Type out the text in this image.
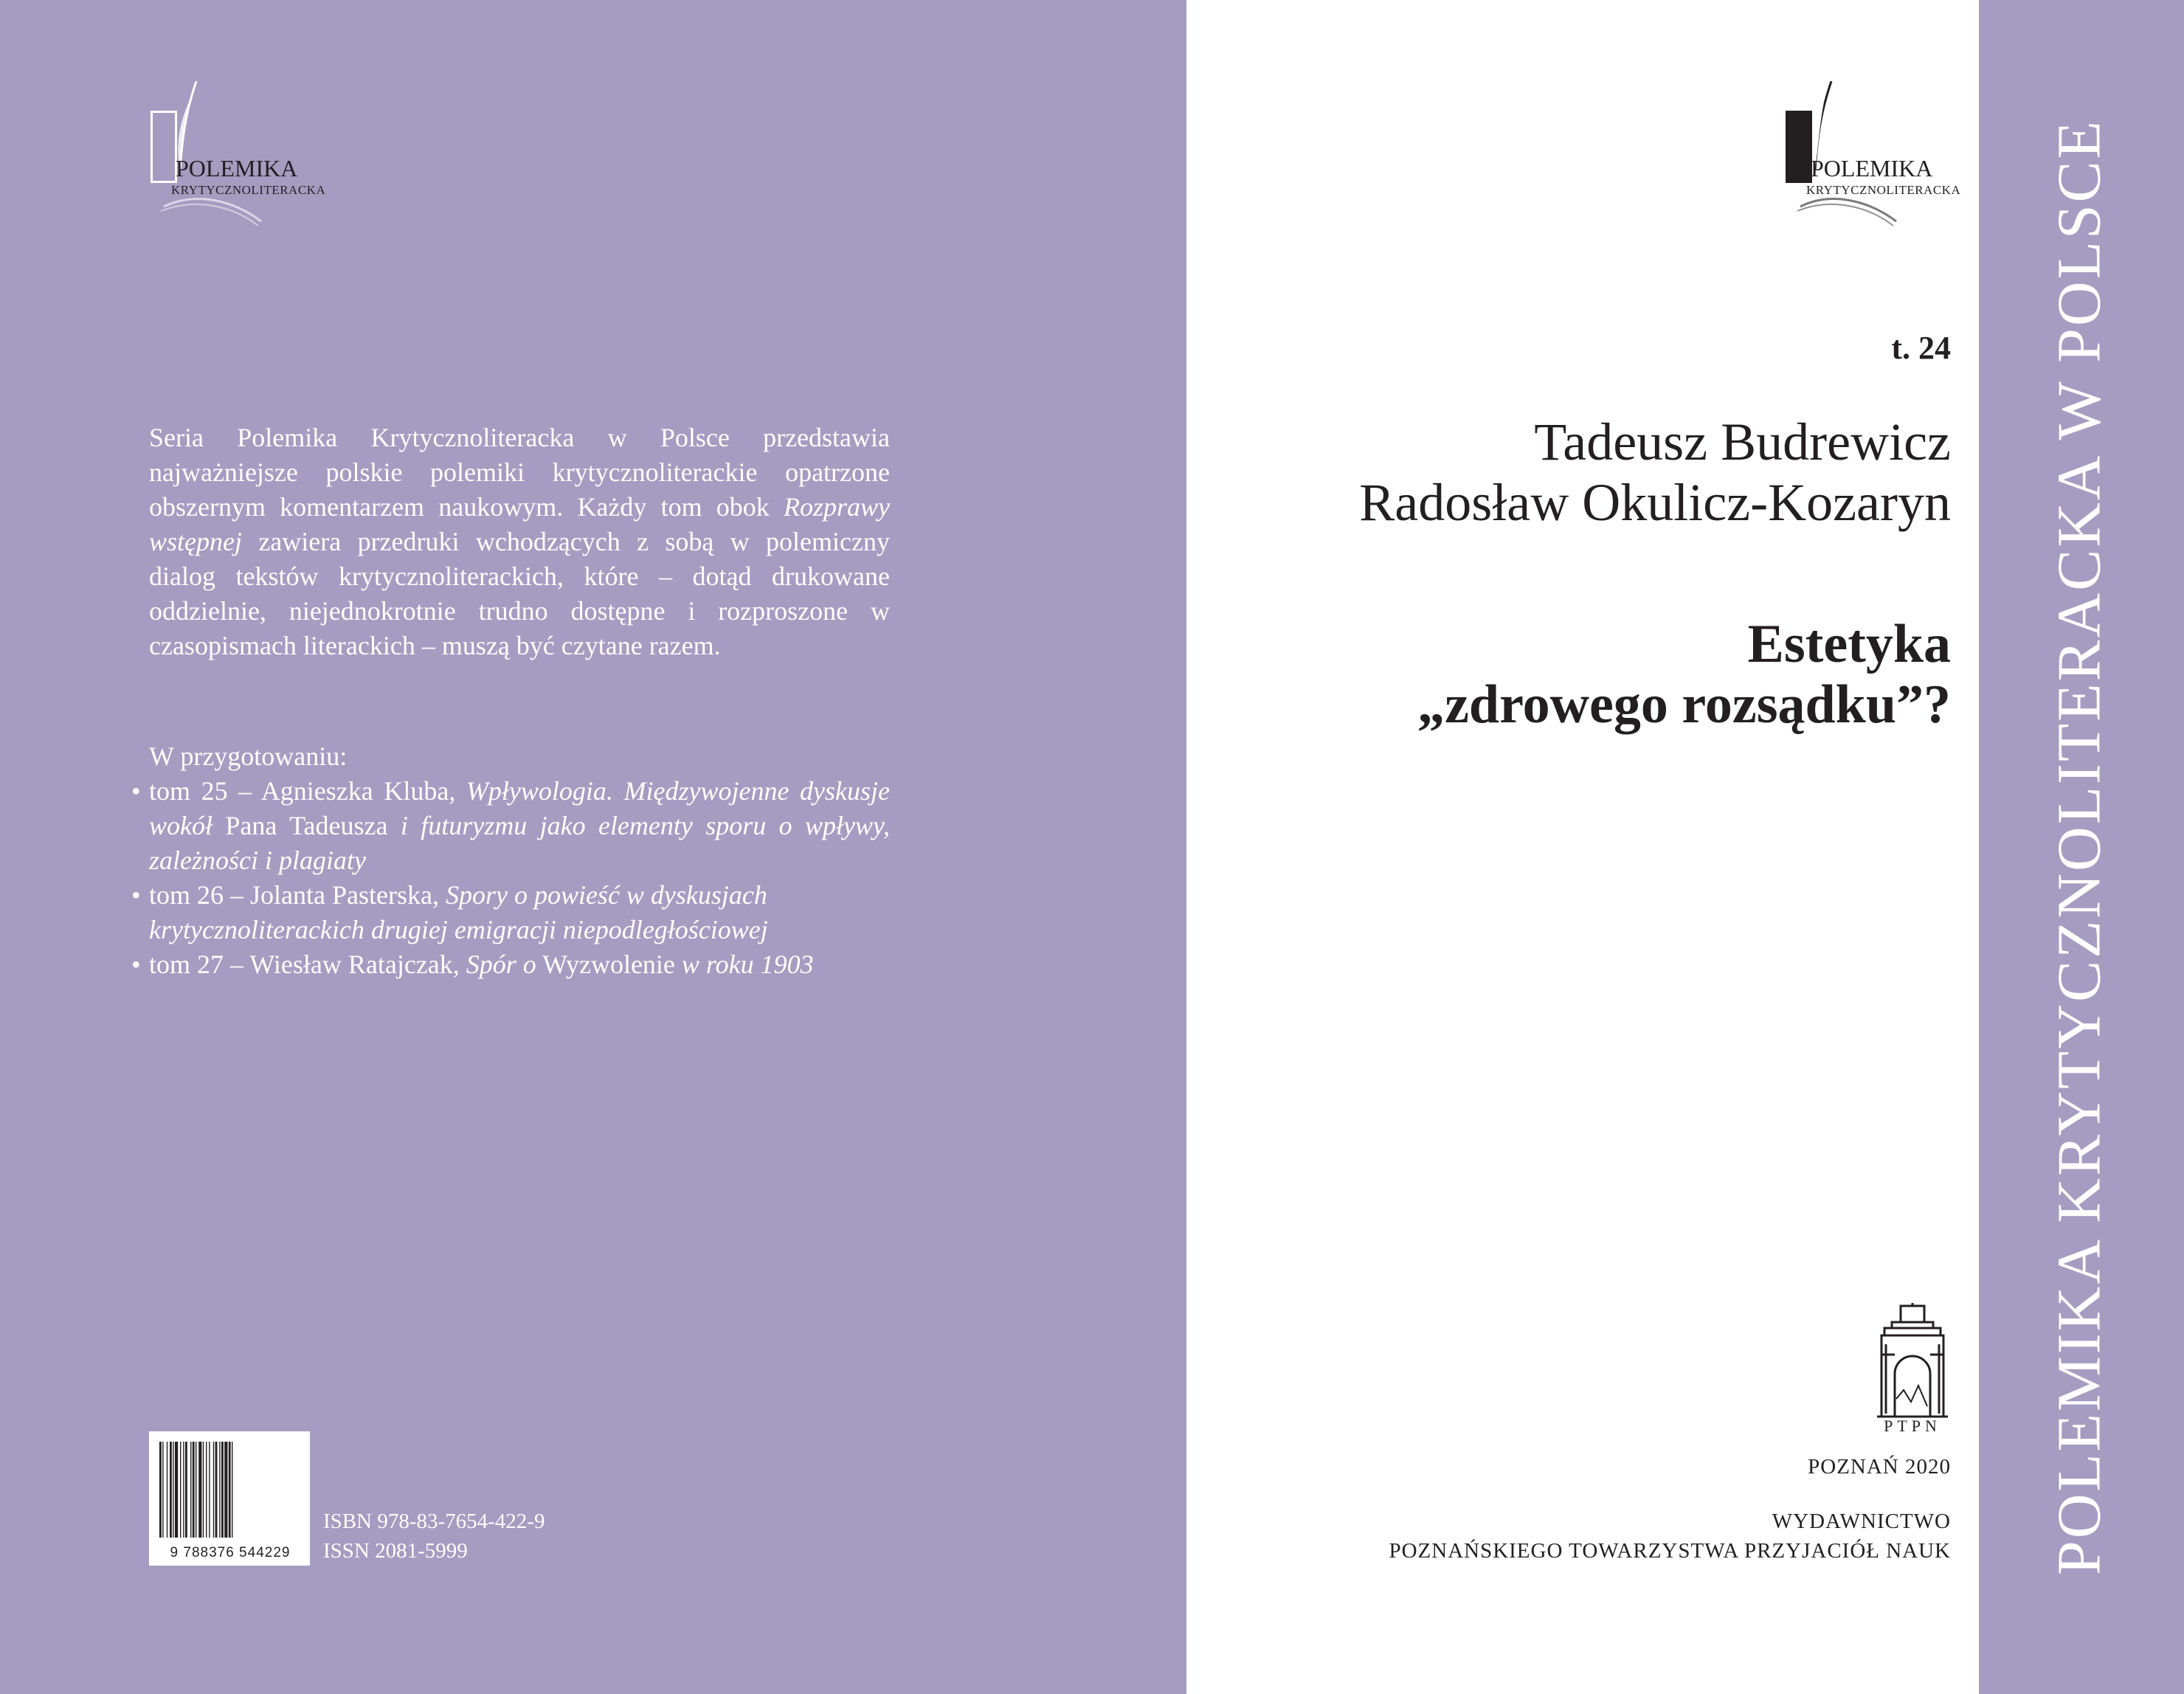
POLEMIKA
KRYTYCZNOLITERACKA

Seria Polemika Krytycznoliteracka w Polsce przedstawia najważniejsze polskie polemiki krytycznoliterackie opatrzone obszernym komentarzem naukowym. Każdy tom obok Rozprawy wstępnej zawiera przedruki wchodzących z sobą w polemiczny dialog tekstów krytycznoliterackich, które – dotąd drukowane oddzielnie, niejednokrotnie trudno dostępne i rozproszone w czasopismach literackich – muszą być czytane razem.

W przygotowaniu:
• tom 25 – Agnieszka Kluba, Wpływologia. Międzywojenne dyskusje wokół Pana Tadeusza i futuryzmu jako elementy sporu o wpływy, zależności i plagiaty
• tom 26 – Jolanta Pasterska, Spory o powieść w dyskusjach krytycznoliterackich drugiej emigracji niepodległościowej
• tom 27 – Wiesław Ratajczak, Spór o Wyzwolenie w roku 1903
9 788376 544229
ISBN 978-83-7654-422-9
ISSN 2081-5999
POLEMIKA
KRYTYCZNOLITERACKA
t. 24
Tadeusz Budrewicz
Radosław Okulicz-Kozaryn
Estetyka
„zdrowego rozsądku”?
PTPN
POZNAŃ 2020
WYDAWNICTWO
POZNAŃSKIEGO TOWARZYSTWA PRZYJACIÓŁ NAUK POLEMIKA KRYTYCZNOLITERACKA W POLSCE
